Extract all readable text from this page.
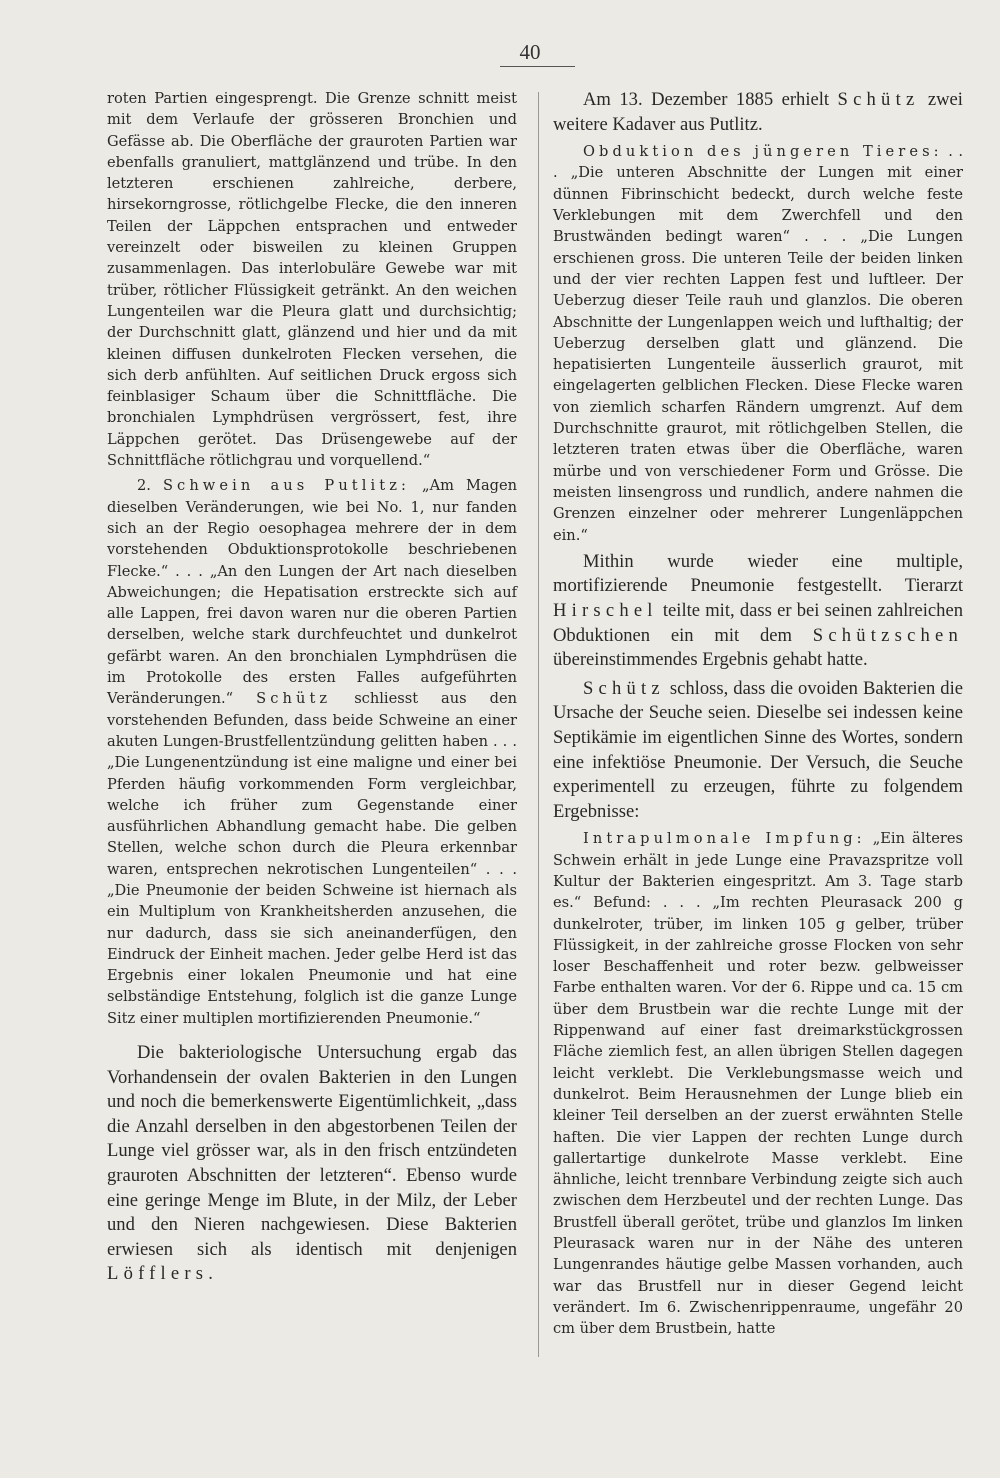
40

roten Partien eingesprengt. Die Grenze schnitt meist mit dem Verlaufe der grösseren Bronchien und Gefässe ab. Die Oberfläche der grauroten Partien war ebenfalls granuliert, mattglänzend und trübe. In den letzteren erschienen zahlreiche, derbere, hirsekorngrosse, rötlichgelbe Flecke, die den inneren Teilen der Läppchen entsprachen und entweder vereinzelt oder bisweilen zu kleinen Gruppen zusammenlagen. Das interlobuläre Gewebe war mit trüber, rötlicher Flüssigkeit getränkt. An den weichen Lungenteilen war die Pleura glatt und durchsichtig; der Durchschnitt glatt, glänzend und hier und da mit kleinen diffusen dunkelroten Flecken versehen, die sich derb anfühlten. Auf seitlichen Druck ergoss sich feinblasiger Schaum über die Schnittfläche. Die bronchialen Lymphdrüsen vergrössert, fest, ihre Läppchen gerötet. Das Drüsengewebe auf der Schnittfläche rötlichgrau und vorquellend.“

2. Schwein aus Putlitz: „Am Magen dieselben Veränderungen, wie bei No. 1, nur fanden sich an der Regio oesophagea mehrere der in dem vorstehenden Obduktionsprotokolle beschriebenen Flecke.“ . . . „An den Lungen der Art nach dieselben Abweichungen; die Hepatisation erstreckte sich auf alle Lappen, frei davon waren nur die oberen Partien derselben, welche stark durchfeuchtet und dunkelrot gefärbt waren. An den bronchialen Lymphdrüsen die im Protokolle des ersten Falles aufgeführten Veränderungen.“ Schütz schliesst aus den vorstehenden Befunden, dass beide Schweine an einer akuten Lungen-Brustfellentzündung gelitten haben . . . „Die Lungenentzündung ist eine maligne und einer bei Pferden häufig vorkommenden Form vergleichbar, welche ich früher zum Gegenstande einer ausführlichen Abhandlung gemacht habe. Die gelben Stellen, welche schon durch die Pleura erkennbar waren, entsprechen nekrotischen Lungenteilen“ . . . „Die Pneumonie der beiden Schweine ist hiernach als ein Multiplum von Krankheitsherden anzusehen, die nur dadurch, dass sie sich aneinanderfügen, den Eindruck der Einheit machen. Jeder gelbe Herd ist das Ergebnis einer lokalen Pneumonie und hat eine selbständige Entstehung, folglich ist die ganze Lunge Sitz einer multiplen mortifizierenden Pneumonie.“

Die bakteriologische Untersuchung ergab das Vorhandensein der ovalen Bakterien in den Lungen und noch die bemerkenswerte Eigentümlichkeit, „dass die Anzahl derselben in den abgestorbenen Teilen der Lunge viel grösser war, als in den frisch entzündeten grauroten Abschnitten der letzteren“. Ebenso wurde eine geringe Menge im Blute, in der Milz, der Leber und den Nieren nachgewiesen. Diese Bakterien erwiesen sich als identisch mit denjenigen Löfflers.

Am 13. Dezember 1885 erhielt Schütz zwei weitere Kadaver aus Putlitz.

Obduktion des jüngeren Tieres: . . . „Die unteren Abschnitte der Lungen mit einer dünnen Fibrinschicht bedeckt, durch welche feste Verklebungen mit dem Zwerchfell und den Brustwänden bedingt waren“ . . . „Die Lungen erschienen gross. Die unteren Teile der beiden linken und der vier rechten Lappen fest und luftleer. Der Ueberzug dieser Teile rauh und glanzlos. Die oberen Abschnitte der Lungenlappen weich und lufthaltig; der Ueberzug derselben glatt und glänzend. Die hepatisierten Lungenteile äusserlich graurot, mit eingelagerten gelblichen Flecken. Diese Flecke waren von ziemlich scharfen Rändern umgrenzt. Auf dem Durchschnitte graurot, mit rötlichgelben Stellen, die letzteren traten etwas über die Oberfläche, waren mürbe und von verschiedener Form und Grösse. Die meisten linsengross und rundlich, andere nahmen die Grenzen einzelner oder mehrerer Lungenläppchen ein.“

Mithin wurde wieder eine multiple, mortifizierende Pneumonie festgestellt. Tierarzt Hirschel teilte mit, dass er bei seinen zahlreichen Obduktionen ein mit dem Schützschen übereinstimmendes Ergebnis gehabt hatte.

Schütz schloss, dass die ovoiden Bakterien die Ursache der Seuche seien. Dieselbe sei indessen keine Septikämie im eigentlichen Sinne des Wortes, sondern eine infektiöse Pneumonie. Der Versuch, die Seuche experimentell zu erzeugen, führte zu folgendem Ergebnisse:

Intrapulmonale Impfung: „Ein älteres Schwein erhält in jede Lunge eine Pravazspritze voll Kultur der Bakterien eingespritzt. Am 3. Tage starb es.“ Befund: . . . „Im rechten Pleurasack 200 g dunkelroter, trüber, im linken 105 g gelber, trüber Flüssigkeit, in der zahlreiche grosse Flocken von sehr loser Beschaffenheit und roter bezw. gelbweisser Farbe enthalten waren. Vor der 6. Rippe und ca. 15 cm über dem Brustbein war die rechte Lunge mit der Rippenwand auf einer fast dreimarkstückgrossen Fläche ziemlich fest, an allen übrigen Stellen dagegen leicht verklebt. Die Verklebungsmasse weich und dunkelrot. Beim Herausnehmen der Lunge blieb ein kleiner Teil derselben an der zuerst erwähnten Stelle haften. Die vier Lappen der rechten Lunge durch gallertartige dunkelrote Masse verklebt. Eine ähnliche, leicht trennbare Verbindung zeigte sich auch zwischen dem Herzbeutel und der rechten Lunge. Das Brustfell überall gerötet, trübe und glanzlos Im linken Pleurasack waren nur in der Nähe des unteren Lungenrandes häutige gelbe Massen vorhanden, auch war das Brustfell nur in dieser Gegend leicht verändert. Im 6. Zwischenrippenraume, ungefähr 20 cm über dem Brustbein, hatte
